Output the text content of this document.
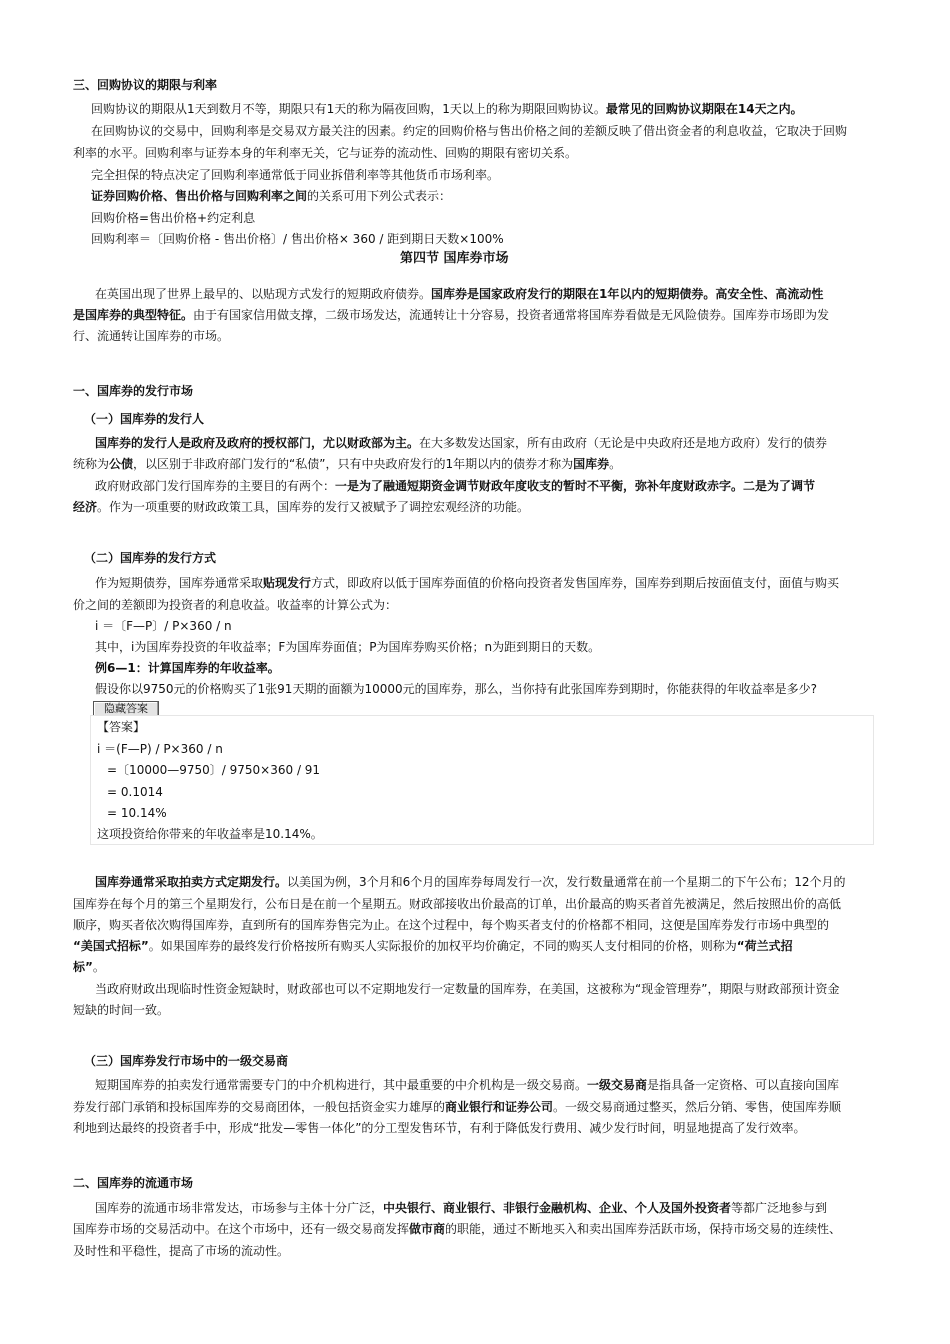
三、回购协议的期限与利率
回购协议的期限从1天到数月不等，期限只有1天的称为隔夜回购，1天以上的称为期限回购协议。最常见的回购协议期限在14天之内。
在回购协议的交易中，回购利率是交易双方最关注的因素。约定的回购价格与售出价格之间的差额反映了借出资金者的利息收益，它取决于回购
利率的水平。回购利率与证券本身的年利率无关，它与证券的流动性、回购的期限有密切关系。
完全担保的特点决定了回购利率通常低于同业拆借利率等其他货币市场利率。
证券回购价格、售出价格与回购利率之间的关系可用下列公式表示：
回购价格=售出价格+约定利息
回购利率＝〔回购价格 - 售出价格〕/ 售出价格× 360 / 距到期日天数×100%
第四节 国库券市场
在英国出现了世界上最早的、以贴现方式发行的短期政府债券。国库券是国家政府发行的期限在1年以内的短期债券。高安全性、高流动性
是国库券的典型特征。由于有国家信用做支撑，二级市场发达，流通转让十分容易，投资者通常将国库券看做是无风险债券。国库券市场即为发
行、流通转让国库券的市场。
一、国库券的发行市场
（一）国库券的发行人
国库券的发行人是政府及政府的授权部门，尤以财政部为主。在大多数发达国家，所有由政府（无论是中央政府还是地方政府）发行的债券
统称为公债，以区别于非政府部门发行的“私债”，只有中央政府发行的1年期以内的债券才称为国库券。
政府财政部门发行国库券的主要目的有两个：一是为了融通短期资金调节财政年度收支的暂时不平衡，弥补年度财政赤字。二是为了调节
经济。作为一项重要的财政政策工具，国库券的发行又被赋予了调控宏观经济的功能。
（二）国库券的发行方式
作为短期债券，国库券通常采取贴现发行方式，即政府以低于国库券面值的价格向投资者发售国库券，国库券到期后按面值支付，面值与购买
价之间的差额即为投资者的利息收益。收益率的计算公式为：
i ＝〔F—P〕/ P×360 / n
其中，i为国库券投资的年收益率；F为国库券面值；P为国库券购买价格；n为距到期日的天数。
例6—1：计算国库券的年收益率。
假设你以9750元的价格购买了1张91天期的面额为10000元的国库券，那么，当你持有此张国库券到期时，你能获得的年收益率是多少?
隐藏答案
【答案】
i ＝(F—P) / P×360 / n
=〔10000—9750〕/ 9750×360 / 91
= 0.1014
= 10.14%
这项投资给你带来的年收益率是10.14%。
国库券通常采取拍卖方式定期发行。以美国为例，3个月和6个月的国库券每周发行一次，发行数量通常在前一个星期二的下午公布；12个月的
国库券在每个月的第三个星期发行，公布日是在前一个星期五。财政部接收出价最高的订单，出价最高的购买者首先被满足，然后按照出价的高低
顺序，购买者依次购得国库券，直到所有的国库券售完为止。在这个过程中，每个购买者支付的价格都不相同，这便是国库券发行市场中典型的
“美国式招标”。如果国库券的最终发行价格按所有购买人实际报价的加权平均价确定，不同的购买人支付相同的价格，则称为“荷兰式招
标”。
当政府财政出现临时性资金短缺时，财政部也可以不定期地发行一定数量的国库券，在美国，这被称为“现金管理券”，期限与财政部预计资金
短缺的时间一致。
（三）国库券发行市场中的一级交易商
短期国库券的拍卖发行通常需要专门的中介机构进行，其中最重要的中介机构是一级交易商。一级交易商是指具备一定资格、可以直接向国库
券发行部门承销和投标国库券的交易商团体，一般包括资金实力雄厚的商业银行和证券公司。一级交易商通过整买，然后分销、零售，使国库券顺
利地到达最终的投资者手中，形成“批发—零售一体化”的分工型发售环节，有利于降低发行费用、减少发行时间，明显地提高了发行效率。
二、国库券的流通市场
国库券的流通市场非常发达，市场参与主体十分广泛，中央银行、商业银行、非银行金融机构、企业、个人及国外投资者等都广泛地参与到
国库券市场的交易活动中。在这个市场中，还有一级交易商发挥做市商的职能，通过不断地买入和卖出国库券活跃市场，保持市场交易的连续性、
及时性和平稳性，提高了市场的流动性。
